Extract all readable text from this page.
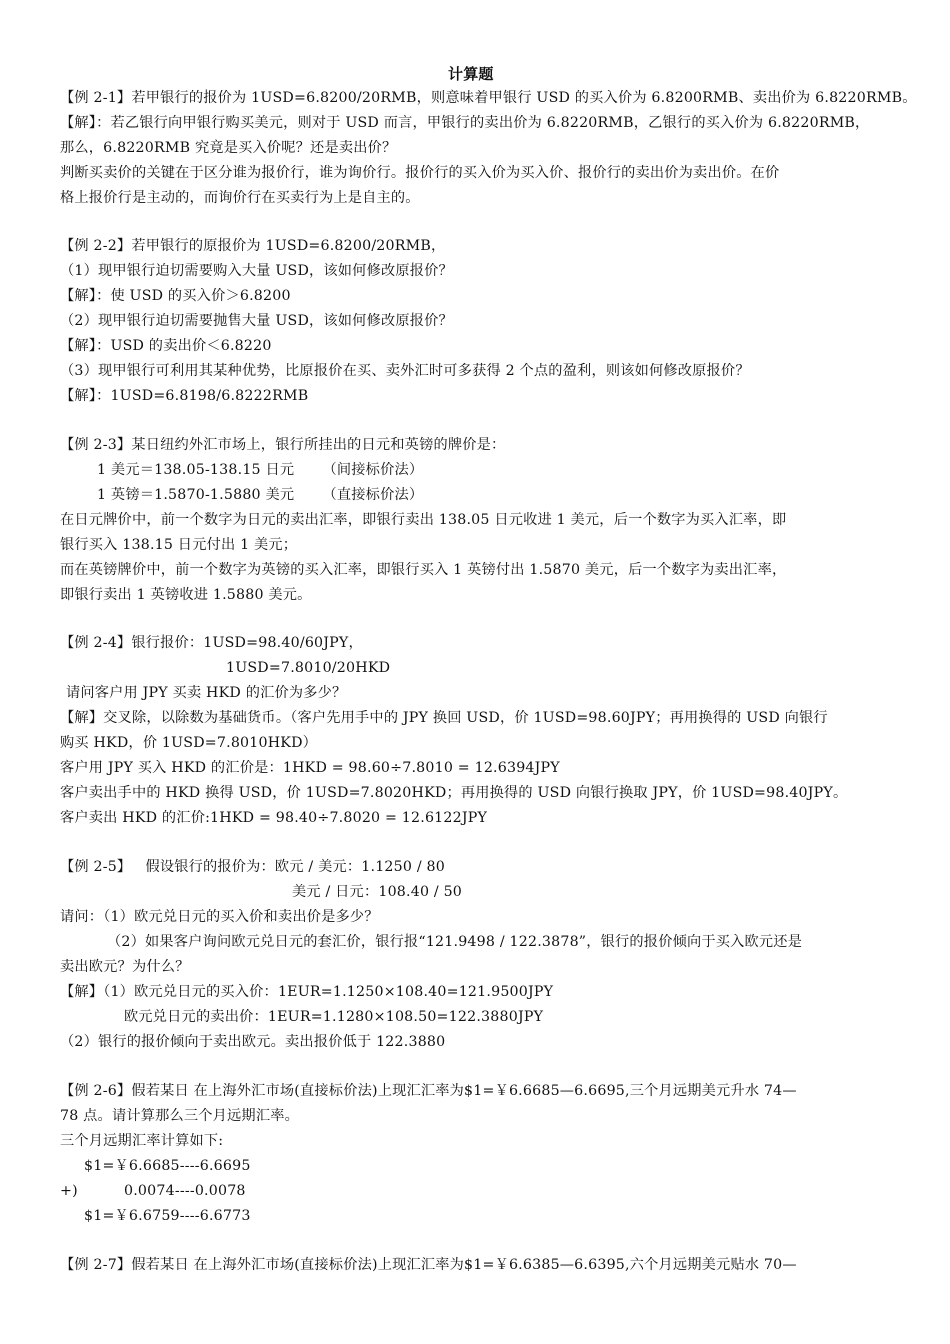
计算题
【例 2-1】若甲银行的报价为 1USD=6.8200/20RMB，则意味着甲银行 USD 的买入价为 6.8200RMB、卖出价为 6.8220RMB。
【解】：若乙银行向甲银行购买美元，则对于 USD 而言，甲银行的卖出价为 6.8220RMB，乙银行的买入价为 6.8220RMB，
那么，6.8220RMB 究竟是买入价呢？还是卖出价？
判断买卖价的关键在于区分谁为报价行，谁为询价行。报价行的买入价为买入价、报价行的卖出价为卖出价。在价
格上报价行是主动的，而询价行在买卖行为上是自主的。
【例 2-2】若甲银行的原报价为 1USD=6.8200/20RMB，
（1）现甲银行迫切需要购入大量 USD，该如何修改原报价？
【解】：使 USD 的买入价＞6.8200
（2）现甲银行迫切需要抛售大量 USD，该如何修改原报价？
【解】：USD 的卖出价＜6.8220
（3）现甲银行可利用其某种优势，比原报价在买、卖外汇时可多获得 2 个点的盈利，则该如何修改原报价？
【解】：1USD=6.8198/6.8222RMB
【例 2-3】某日纽约外汇市场上，银行所挂出的日元和英镑的牌价是：
1 美元＝138.05-138.15 日元      （间接标价法）
1 英镑＝1.5870-1.5880 美元      （直接标价法）
在日元牌价中，前一个数字为日元的卖出汇率，即银行卖出 138.05 日元收进 1 美元，后一个数字为买入汇率，即
银行买入 138.15 日元付出 1 美元；
而在英镑牌价中，前一个数字为英镑的买入汇率，即银行买入 1 英镑付出 1.5870 美元，后一个数字为卖出汇率，
即银行卖出 1 英镑收进 1.5880 美元。
【例 2-4】银行报价：1USD=98.40/60JPY，
1USD=7.8010/20HKD
请问客户用 JPY 买卖 HKD 的汇价为多少？
【解】交叉除，以除数为基础货币。（客户先用手中的 JPY 换回 USD，价 1USD=98.60JPY；再用换得的 USD 向银行
购买 HKD，价 1USD=7.8010HKD）
客户用 JPY 买入 HKD 的汇价是：1HKD = 98.60÷7.8010 = 12.6394JPY
客户卖出手中的 HKD 换得 USD，价 1USD=7.8020HKD；再用换得的 USD 向银行换取 JPY，价 1USD=98.40JPY。
客户卖出 HKD 的汇价:1HKD = 98.40÷7.8020 = 12.6122JPY
【例 2-5】   假设银行的报价为：欧元 / 美元：1.1250 / 80
美元 / 日元：108.40 / 50
请问：（1）欧元兑日元的买入价和卖出价是多少？
（2）如果客户询问欧元兑日元的套汇价，银行报“121.9498 / 122.3878”，银行的报价倾向于买入欧元还是
卖出欧元？为什么？
【解】（1）欧元兑日元的买入价：1EUR=1.1250×108.40=121.9500JPY
欧元兑日元的卖出价：1EUR=1.1280×108.50=122.3880JPY
（2）银行的报价倾向于卖出欧元。卖出报价低于 122.3880
【例 2-6】假若某日 在上海外汇市场(直接标价法)上现汇汇率为$1=￥6.6685—6.6695,三个月远期美元升水 74—
78 点。请计算那么三个月远期汇率。
三个月远期汇率计算如下:
$1=￥6.6685----6.6695
+)	0.0074----0.0078
$1=￥6.6759----6.6773
【例 2-7】假若某日 在上海外汇市场(直接标价法)上现汇汇率为$1=￥6.6385—6.6395,六个月远期美元贴水 70—
